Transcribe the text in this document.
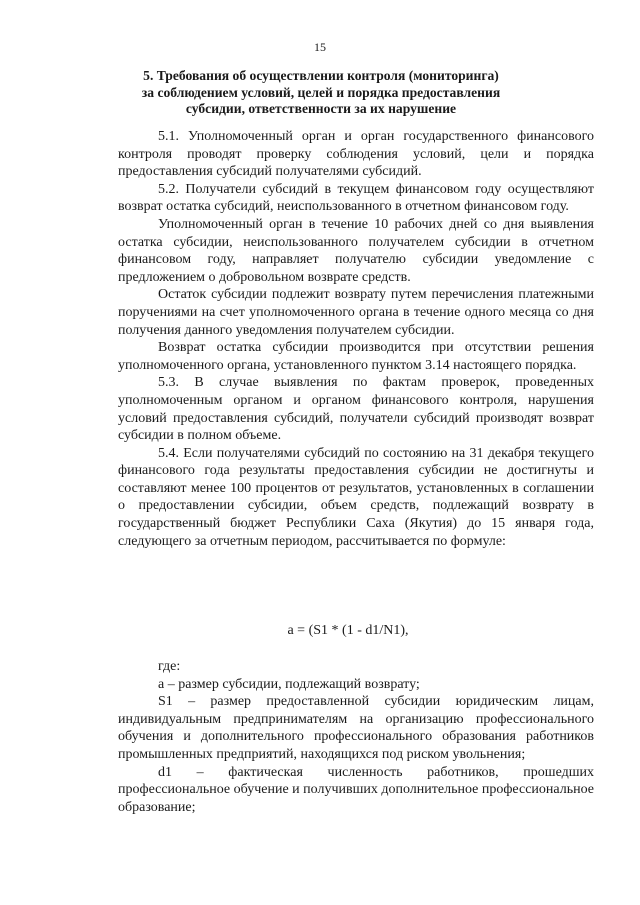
15
5. Требования об осуществлении контроля (мониторинга)
за соблюдением условий, целей и порядка предоставления
субсидии, ответственности за их нарушение

5.1. Уполномоченный орган и орган государственного финансового контроля проводят проверку соблюдения условий, цели и порядка предоставления субсидий получателями субсидий.

5.2. Получатели субсидий в текущем финансовом году осуществляют возврат остатка субсидий, неиспользованного в отчетном финансовом году.

Уполномоченный орган в течение 10 рабочих дней со дня выявления остатка субсидии, неиспользованного получателем субсидии в отчетном финансовом году, направляет получателю субсидии уведомление с предложением о добровольном возврате средств.

Остаток субсидии подлежит возврату путем перечисления платежными поручениями на счет уполномоченного органа в течение одного месяца со дня получения данного уведомления получателем субсидии.

Возврат остатка субсидии производится при отсутствии решения уполномоченного органа, установленного пунктом 3.14 настоящего порядка.

5.3. В случае выявления по фактам проверок, проведенных уполномоченным органом и органом финансового контроля, нарушения условий предоставления субсидий, получатели субсидий производят возврат субсидии в полном объеме.

5.4. Если получателями субсидий по состоянию на 31 декабря текущего финансового года результаты предоставления субсидии не достигнуты и составляют менее 100 процентов от результатов, установленных в соглашении о предоставлении субсидии, объем средств, подлежащий возврату в государственный бюджет Республики Саха (Якутия) до 15 января года, следующего за отчетным периодом, рассчитывается по формуле:

а = (S1 * (1 - d1/N1),

где:

а – размер субсидии, подлежащий возврату;

S1 – размер предоставленной субсидии юридическим лицам, индивидуальным предпринимателям на организацию профессионального обучения и дополнительного профессионального образования работников промышленных предприятий, находящихся под риском увольнения;

d1 – фактическая численность работников, прошедших профессиональное обучение и получивших дополнительное профессиональное образование;
